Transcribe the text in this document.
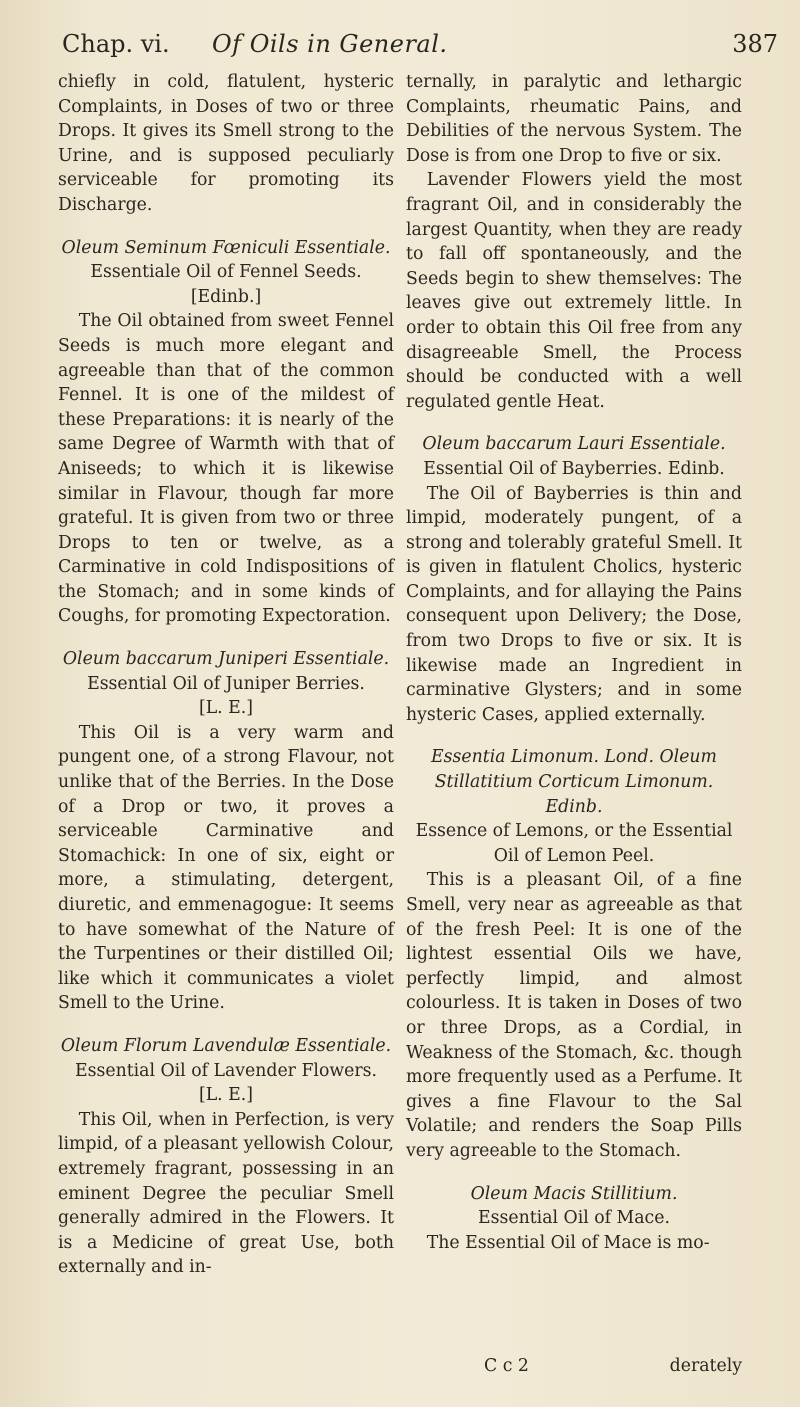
Chap. vi. Of Oils in General.	387

chiefly in cold, flatulent, hysteric Complaints, in Doses of two or three Drops. It gives its Smell strong to the Urine, and is supposed peculiarly serviceable for promoting its Discharge.

Oleum Seminum Fœniculi Essentiale.

Essentiale Oil of Fennel Seeds.

[Edinb.]

The Oil obtained from sweet Fennel Seeds is much more elegant and agreeable than that of the common Fennel. It is one of the mildest of these Preparations: it is nearly of the same Degree of Warmth with that of Aniseeds; to which it is likewise similar in Flavour, though far more grateful. It is given from two or three Drops to ten or twelve, as a Carminative in cold Indispositions of the Stomach; and in some kinds of Coughs, for promoting Expectoration.

Oleum baccarum Juniperi Essentiale.

Essential Oil of Juniper Berries.

[L. E.]

This Oil is a very warm and pungent one, of a strong Flavour, not unlike that of the Berries. In the Dose of a Drop or two, it proves a serviceable Carminative and Stomachick: In one of six, eight or more, a stimulating, detergent, diuretic, and emmenagogue: It seems to have somewhat of the Nature of the Turpentines or their distilled Oil; like which it communicates a violet Smell to the Urine.

Oleum Florum Lavendulæ Essentiale.

Essential Oil of Lavender Flowers.

[L. E.]

This Oil, when in Perfection, is very limpid, of a pleasant yellowish Colour, extremely fragrant, possessing in an eminent Degree the peculiar Smell generally admired in the Flowers. It is a Medicine of great Use, both externally and in-

ternally, in paralytic and lethargic Complaints, rheumatic Pains, and Debilities of the nervous System. The Dose is from one Drop to five or six.

Lavender Flowers yield the most fragrant Oil, and in considerably the largest Quantity, when they are ready to fall off spontaneously, and the Seeds begin to shew themselves: The leaves give out extremely little. In order to obtain this Oil free from any disagreeable Smell, the Process should be conducted with a well regulated gentle Heat.

Oleum baccarum Lauri Essentiale.

Essential Oil of Bayberries. Edinb.

The Oil of Bayberries is thin and limpid, moderately pungent, of a strong and tolerably grateful Smell. It is given in flatulent Cholics, hysteric Complaints, and for allaying the Pains consequent upon Delivery; the Dose, from two Drops to five or six. It is likewise made an Ingredient in carminative Glysters; and in some hysteric Cases, applied externally.

Essentia Limonum. Lond. Oleum Stillatitium Corticum Limonum. Edinb.

Essence of Lemons, or the Essential Oil of Lemon Peel.

This is a pleasant Oil, of a fine Smell, very near as agreeable as that of the fresh Peel: It is one of the lightest essential Oils we have, perfectly limpid, and almost colourless. It is taken in Doses of two or three Drops, as a Cordial, in Weakness of the Stomach, &c. though more frequently used as a Perfume. It gives a fine Flavour to the Sal Volatile; and renders the Soap Pills very agreeable to the Stomach.

Oleum Macis Stillitium.

Essential Oil of Mace.

The Essential Oil of Mace is mo-

C c 2	derately
